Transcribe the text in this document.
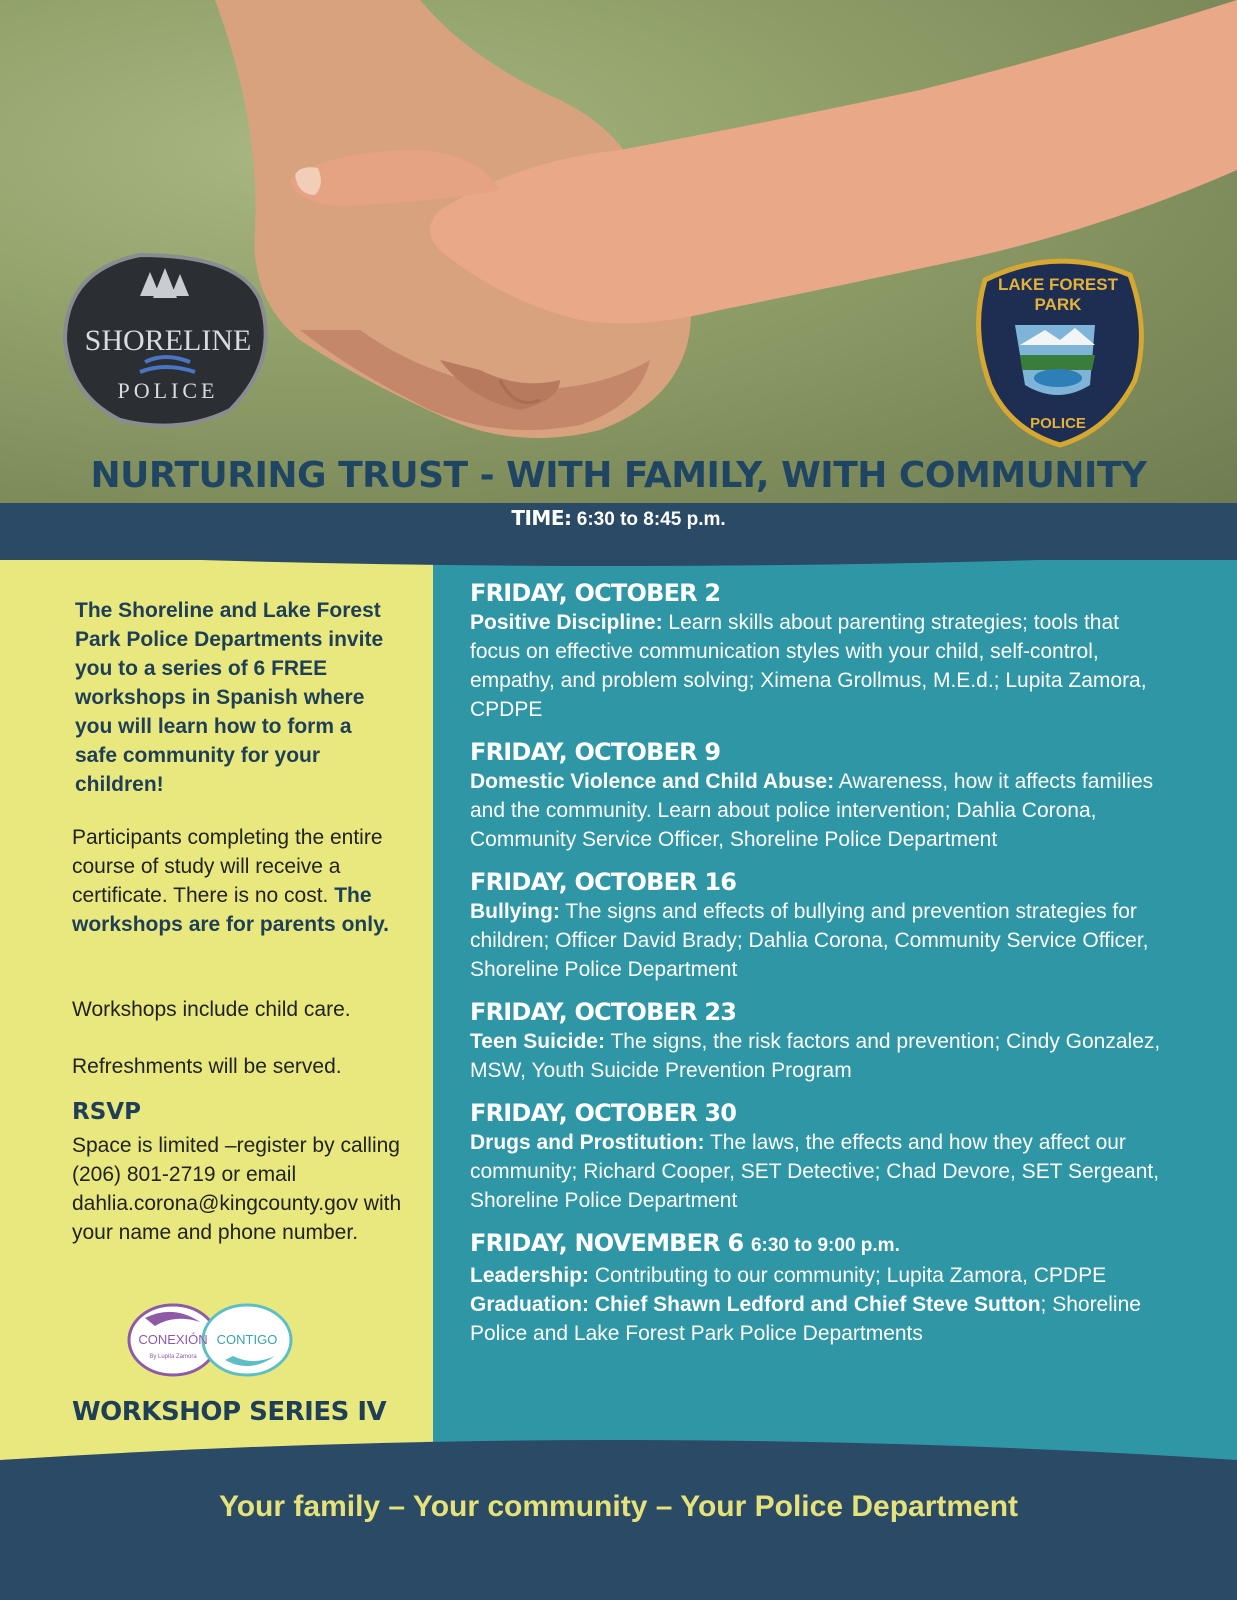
SHORELINE
POLICE
LAKE FOREST
PARK
POLICE
NURTURING TRUST - WITH FAMILY, WITH COMMUNITY
TIME: 6:30 to 8:45 p.m.
The Shoreline and Lake Forest Park Police Departments invite you to a series of 6 FREE workshops in Spanish where you will learn how to form a safe community for your children!
Participants completing the entire course of study will receive a certificate. There is no cost. The workshops are for parents only.
Workshops include child care.
Refreshments will be served.
RSVP
Space is limited –register by calling (206) 801-2719 or email dahlia.corona@kingcounty.gov with your name and phone number.
CONEXIÓN CONTIGO
By Lupita Zamora
WORKSHOP SERIES IV
FRIDAY, OCTOBER 2
Positive Discipline: Learn skills about parenting strategies; tools that focus on effective communication styles with your child, self-control, empathy, and problem solving; Ximena Grollmus, M.E.d.; Lupita Zamora, CPDPE
FRIDAY, OCTOBER 9
Domestic Violence and Child Abuse: Awareness, how it affects families and the community. Learn about police intervention; Dahlia Corona, Community Service Officer, Shoreline Police Department
FRIDAY, OCTOBER 16
Bullying: The signs and effects of bullying and prevention strategies for children; Officer David Brady; Dahlia Corona, Community Service Officer, Shoreline Police Department
FRIDAY, OCTOBER 23
Teen Suicide: The signs, the risk factors and prevention; Cindy Gonzalez, MSW, Youth Suicide Prevention Program
FRIDAY, OCTOBER 30
Drugs and Prostitution: The laws, the effects and how they affect our community; Richard Cooper, SET Detective; Chad Devore, SET Sergeant, Shoreline Police Department
FRIDAY, NOVEMBER 6 6:30 to 9:00 p.m.
Leadership: Contributing to our community; Lupita Zamora, CPDPE
Graduation: Chief Shawn Ledford and Chief Steve Sutton; Shoreline Police and Lake Forest Park Police Departments
Your family – Your community – Your Police Department
